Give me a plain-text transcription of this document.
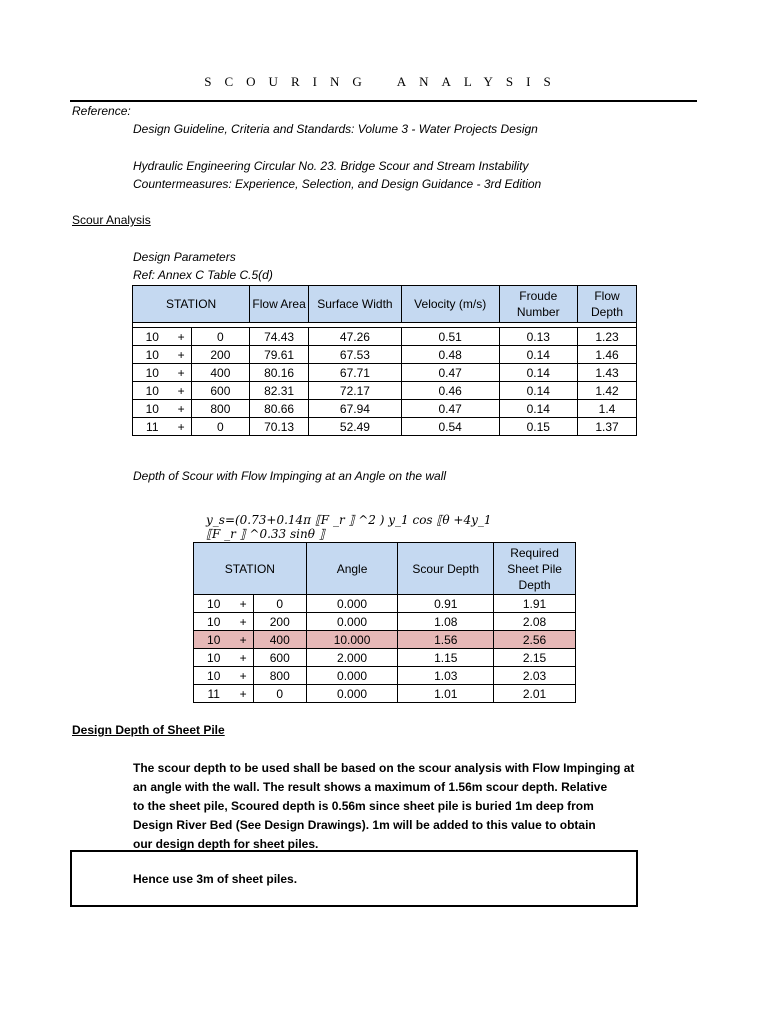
SCOURING ANALYSIS
Reference:
Design Guideline, Criteria and Standards: Volume 3 - Water Projects Design
Hydraulic Engineering Circular No. 23. Bridge Scour and Stream Instability
Countermeasures: Experience, Selection, and Design Guidance - 3rd Edition
Scour Analysis
Design Parameters
Ref: Annex C Table C.5(d)
STATION			Flow Area	Surface Width	Velocity (m/s)	Froude Number	Flow Depth

10	+	0	74.43	47.26	0.51	0.13	1.23
10	+	200	79.61	67.53	0.48	0.14	1.46
10	+	400	80.16	67.71	0.47	0.14	1.43
10	+	600	82.31	72.17	0.46	0.14	1.42
10	+	800	80.66	67.94	0.47	0.14	1.4
11	+	0	70.13	52.49	0.54	0.15	1.37
Depth of Scour with Flow Impinging at an Angle on the wall
y_s=(0.73+0.14π ⟦F _r ⟧ ^2 ) y_1 cos ⟦θ +4y_1
⟦F _r ⟧ ^0.33 sinθ ⟧
STATION			Angle	Scour Depth	Required Sheet Pile Depth
10	+	0	0.000	0.91	1.91
10	+	200	0.000	1.08	2.08
10	+	400	10.000	1.56	2.56
10	+	600	2.000	1.15	2.15
10	+	800	0.000	1.03	2.03
11	+	0	0.000	1.01	2.01
Design Depth of Sheet Pile
The scour depth to be used shall be based on the scour analysis with Flow Impinging at
an angle with the wall. The result shows a maximum of 1.56m scour depth. Relative
to the sheet pile, Scoured depth is 0.56m since sheet pile is buried 1m deep from
Design River Bed (See Design Drawings). 1m will be added to this value to obtain
our design depth for sheet piles.
Hence use 3m of sheet piles.
